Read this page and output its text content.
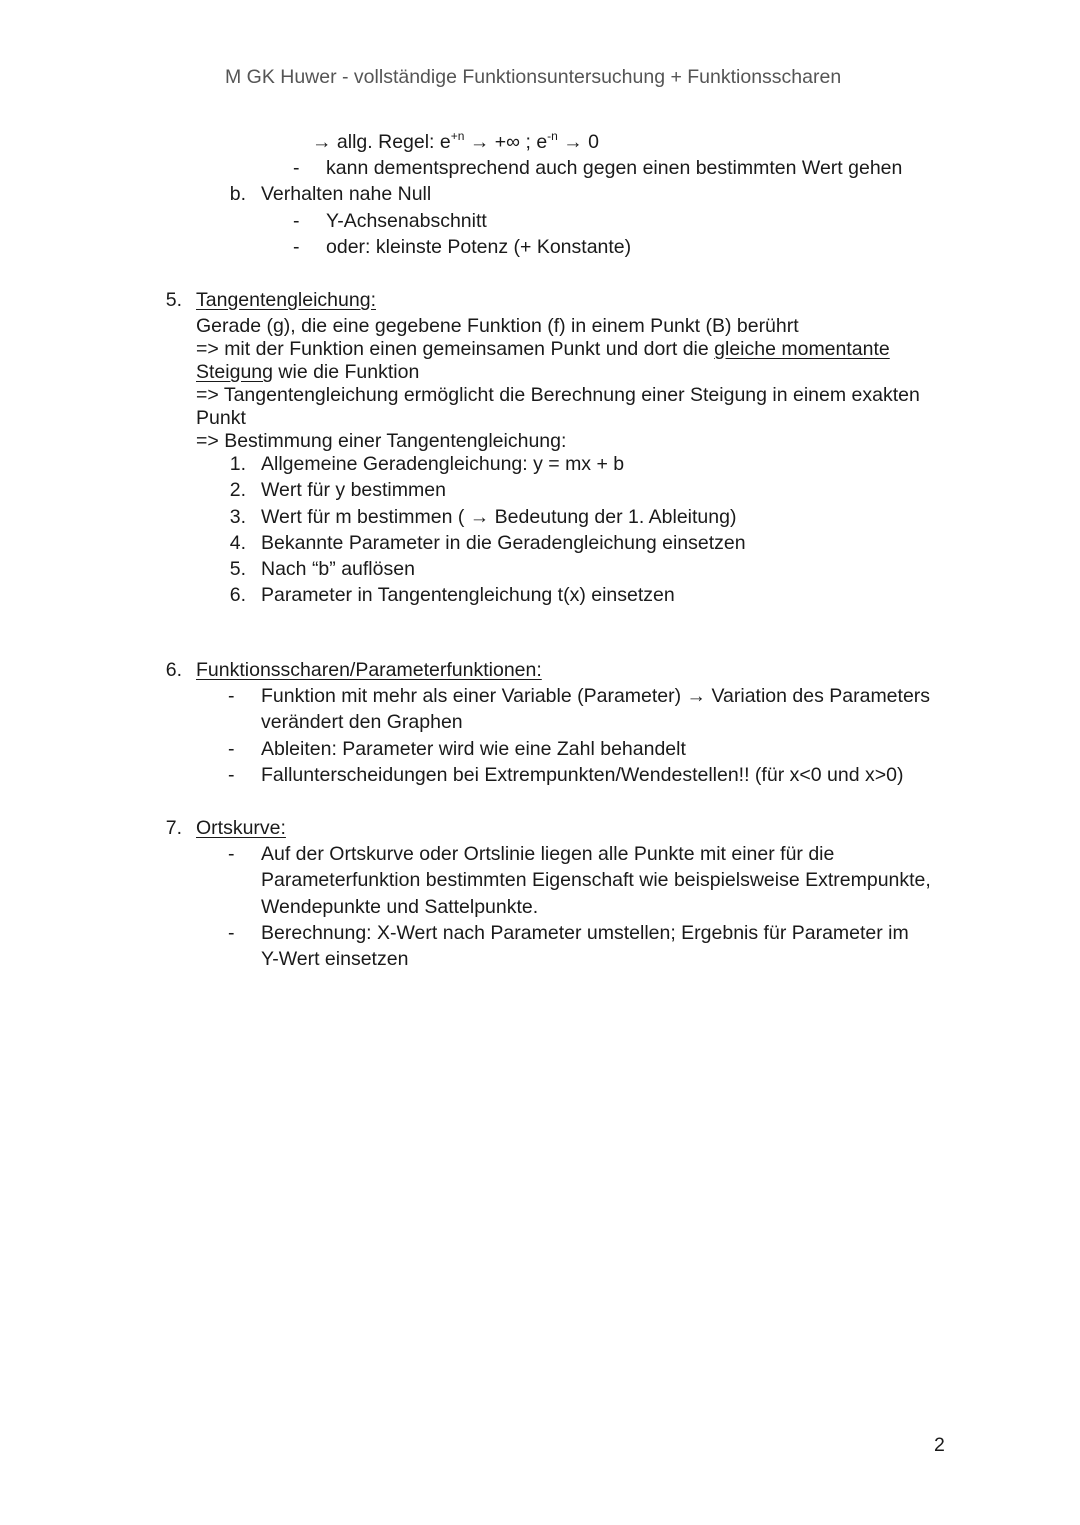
M GK Huwer - vollständige Funktionsuntersuchung + Funktionsscharen
→ allg. Regel: $e^{+n}$ → +∞ ; $e^{-n} \to 0$
- kann dementsprechend auch gegen einen bestimmten Wert gehen
b. Verhalten nahe Null
- Y-Achsenabschnitt
- oder: kleinste Potenz (+ Konstante)
5. Tangentengleichung:
Gerade (g), die eine gegebene Funktion (f) in einem Punkt (B) berührt
=> mit der Funktion einen gemeinsamen Punkt und dort die gleiche momentante
Steigung wie die Funktion
=> Tangentengleichung ermöglicht die Berechnung einer Steigung in einem exakten
Punkt
=> Bestimmung einer Tangentengleichung:
1. Allgemeine Geradengleichung: y = mx + b
2. Wert für y bestimmen
3. Wert für m bestimmen ( → Bedeutung der 1. Ableitung)
4. Bekannte Parameter in die Geradengleichung einsetzen
5. Nach “b” auflösen
6. Parameter in Tangentengleichung t(x) einsetzen
6. Funktionsscharen/Parameterfunktionen:
- Funktion mit mehr als einer Variable (Parameter) → Variation des Parameters
verändert den Graphen
- Ableiten: Parameter wird wie eine Zahl behandelt
- Fallunterscheidungen bei Extrempunkten/Wendestellen!! (für x<0 und x>0)
7. Ortskurve:
- Auf der Ortskurve oder Ortslinie liegen alle Punkte mit einer für die
Parameterfunktion bestimmten Eigenschaft wie beispielsweise Extrempunkte,
Wendepunkte und Sattelpunkte.
- Berechnung: X-Wert nach Parameter umstellen; Ergebnis für Parameter im
Y-Wert einsetzen
2
